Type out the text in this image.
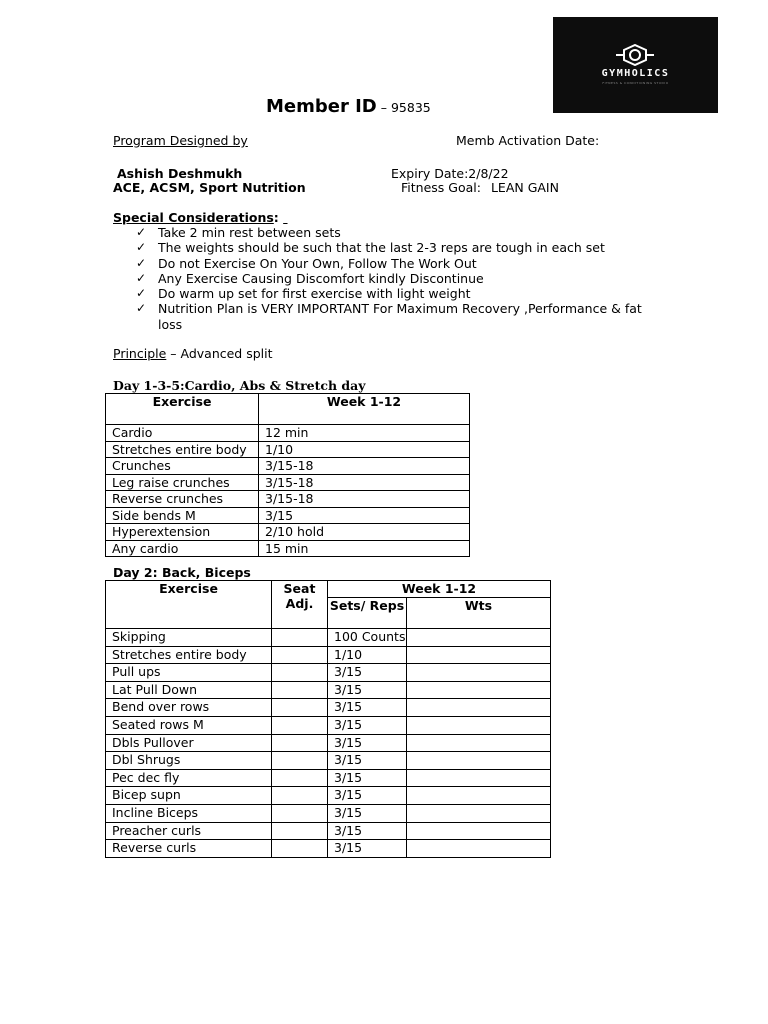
GYMHOLICS
FITNESS & CONDITIONING STUDIO
Member ID – 95835
Program Designed by	Memb Activation Date:
Ashish Deshmukh	Expiry Date:2/8/22
ACE, ACSM, Sport Nutrition	Fitness Goal: LEAN GAIN
Special Considerations:
✓ Take 2 min rest between sets
✓ The weights should be such that the last 2-3 reps are tough in each set
✓ Do not Exercise On Your Own, Follow The Work Out
✓ Any Exercise Causing Discomfort kindly Discontinue
✓ Do warm up set for first exercise with light weight
✓ Nutrition Plan is VERY IMPORTANT For Maximum Recovery ,Performance & fat loss
Principle – Advanced split
Day 1-3-5:Cardio, Abs & Stretch day
Exercise	Week 1-12
Cardio	12 min
Stretches entire body	1/10
Crunches	3/15-18
Leg raise crunches	3/15-18
Reverse crunches	3/15-18
Side bends M	3/15
Hyperextension	2/10 hold
Any cardio	15 min
Day 2: Back, Biceps
Exercise	Seat Adj.	Week 1-12	
		Sets/ Reps	Wts
Skipping		100 Counts	
Stretches entire body		1/10	
Pull ups		3/15	
Lat Pull Down		3/15	
Bend over rows		3/15	
Seated rows M		3/15	
Dbls Pullover		3/15	
Dbl Shrugs		3/15	
Pec dec fly		3/15	
Bicep supn		3/15	
Incline Biceps		3/15	
Preacher curls		3/15	
Reverse curls		3/15	
